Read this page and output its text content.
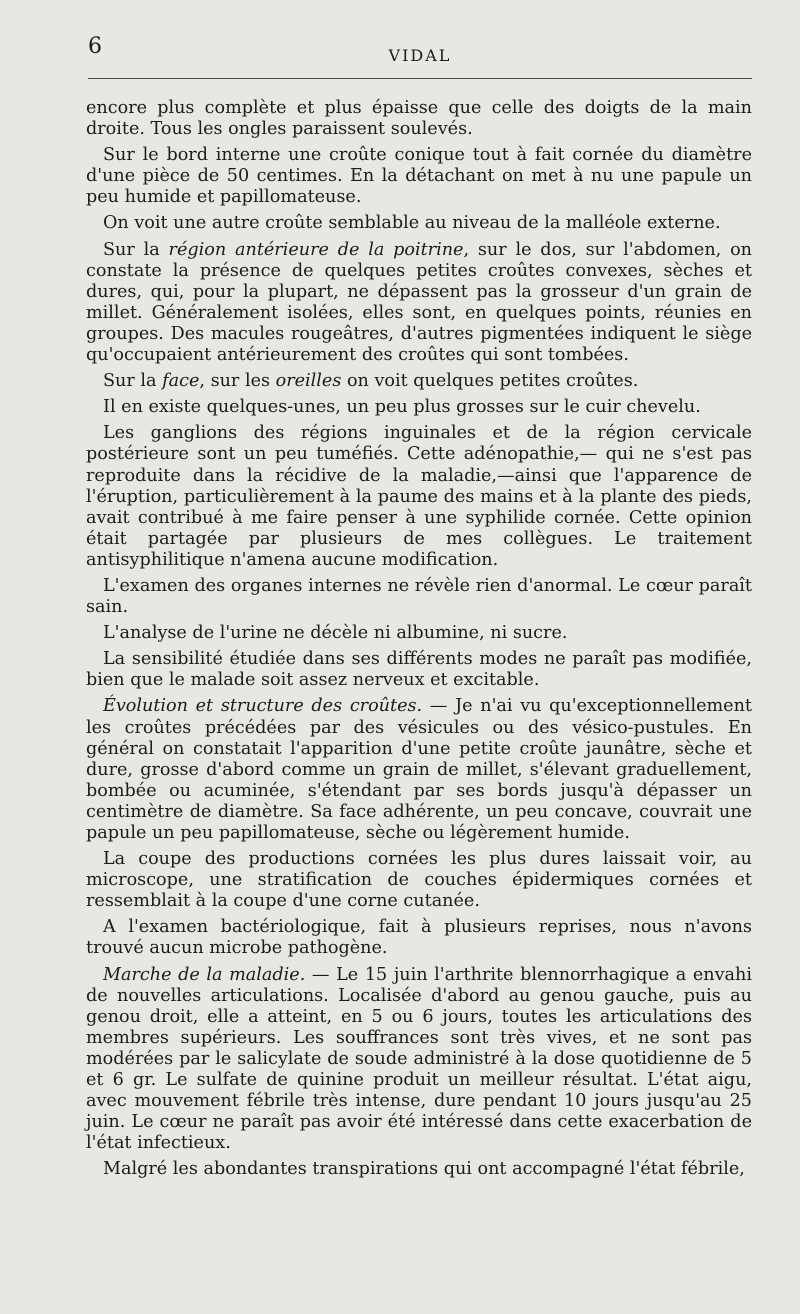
6	VIDAL

encore plus complète et plus épaisse que celle des doigts de la main droite. Tous les ongles paraissent soulevés.

Sur le bord interne une croûte conique tout à fait cornée du diamètre d'une pièce de 50 centimes. En la détachant on met à nu une papule un peu humide et papillomateuse.

On voit une autre croûte semblable au niveau de la malléole externe.

Sur la région antérieure de la poitrine, sur le dos, sur l'abdomen, on constate la présence de quelques petites croûtes convexes, sèches et dures, qui, pour la plupart, ne dépassent pas la grosseur d'un grain de millet. Généralement isolées, elles sont, en quelques points, réunies en groupes. Des macules rougeâtres, d'autres pigmentées indiquent le siège qu'occupaient antérieurement des croûtes qui sont tombées.

Sur la face, sur les oreilles on voit quelques petites croûtes.

Il en existe quelques-unes, un peu plus grosses sur le cuir chevelu.

Les ganglions des régions inguinales et de la région cervicale postérieure sont un peu tuméfiés. Cette adénopathie,— qui ne s'est pas reproduite dans la récidive de la maladie,—ainsi que l'apparence de l'éruption, particulièrement à la paume des mains et à la plante des pieds, avait contribué à me faire penser à une syphilide cornée. Cette opinion était partagée par plusieurs de mes collègues. Le traitement antisyphilitique n'amena aucune modification.

L'examen des organes internes ne révèle rien d'anormal. Le cœur paraît sain.

L'analyse de l'urine ne décèle ni albumine, ni sucre.

La sensibilité étudiée dans ses différents modes ne paraît pas modifiée, bien que le malade soit assez nerveux et excitable.

Évolution et structure des croûtes. — Je n'ai vu qu'exceptionnellement les croûtes précédées par des vésicules ou des vésico-pustules. En général on constatait l'apparition d'une petite croûte jaunâtre, sèche et dure, grosse d'abord comme un grain de millet, s'élevant graduellement, bombée ou acuminée, s'étendant par ses bords jusqu'à dépasser un centimètre de diamètre. Sa face adhérente, un peu concave, couvrait une papule un peu papillomateuse, sèche ou légèrement humide.

La coupe des productions cornées les plus dures laissait voir, au microscope, une stratification de couches épidermiques cornées et ressemblait à la coupe d'une corne cutanée.

A l'examen bactériologique, fait à plusieurs reprises, nous n'avons trouvé aucun microbe pathogène.

Marche de la maladie. — Le 15 juin l'arthrite blennorrhagique a envahi de nouvelles articulations. Localisée d'abord au genou gauche, puis au genou droit, elle a atteint, en 5 ou 6 jours, toutes les articulations des membres supérieurs. Les souffrances sont très vives, et ne sont pas modérées par le salicylate de soude administré à la dose quotidienne de 5 et 6 gr. Le sulfate de quinine produit un meilleur résultat. L'état aigu, avec mouvement fébrile très intense, dure pendant 10 jours jusqu'au 25 juin. Le cœur ne paraît pas avoir été intéressé dans cette exacerbation de l'état infectieux.

Malgré les abondantes transpirations qui ont accompagné l'état fébrile,
